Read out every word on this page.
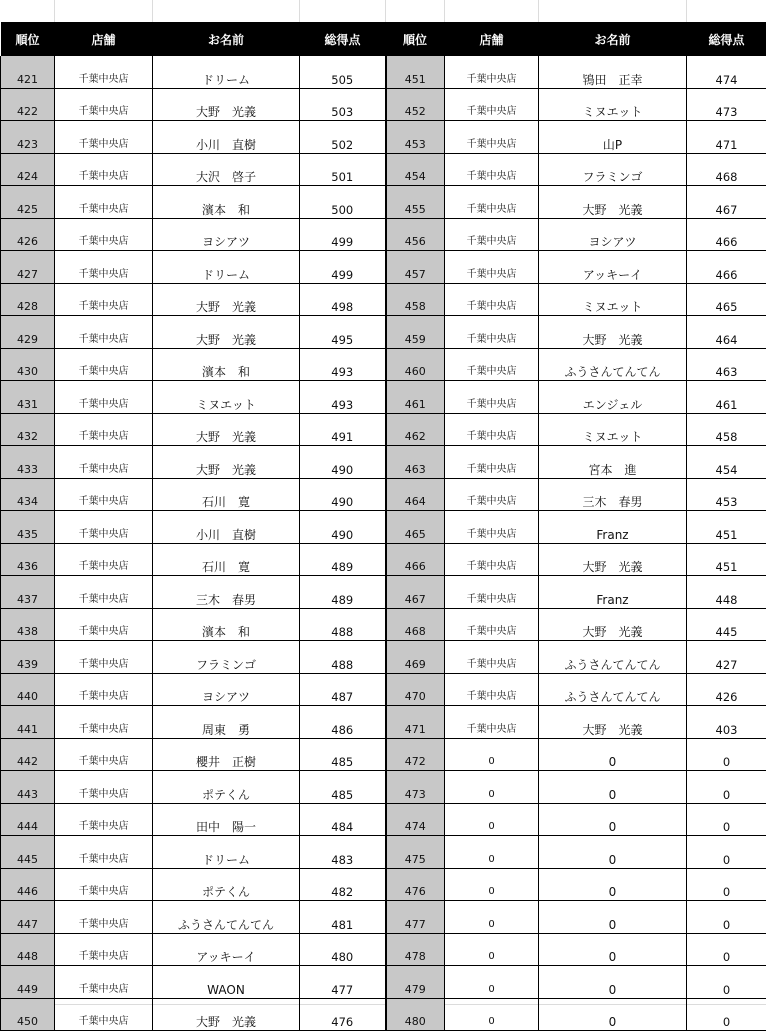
順位	店舗	お名前	総得点	順位	店舗	お名前	総得点
421	千葉中央店	ドリーム	505	451	千葉中央店	鴇田　正幸	474
422	千葉中央店	大野　光義	503	452	千葉中央店	ミヌエット	473
423	千葉中央店	小川　直樹	502	453	千葉中央店	山P	471
424	千葉中央店	大沢　啓子	501	454	千葉中央店	フラミンゴ	468
425	千葉中央店	濱本　和	500	455	千葉中央店	大野　光義	467
426	千葉中央店	ヨシアツ	499	456	千葉中央店	ヨシアツ	466
427	千葉中央店	ドリーム	499	457	千葉中央店	アッキーイ	466
428	千葉中央店	大野　光義	498	458	千葉中央店	ミヌエット	465
429	千葉中央店	大野　光義	495	459	千葉中央店	大野　光義	464
430	千葉中央店	濱本　和	493	460	千葉中央店	ふうさんてんてん	463
431	千葉中央店	ミヌエット	493	461	千葉中央店	エンジェル	461
432	千葉中央店	大野　光義	491	462	千葉中央店	ミヌエット	458
433	千葉中央店	大野　光義	490	463	千葉中央店	宮本　進	454
434	千葉中央店	石川　寛	490	464	千葉中央店	三木　春男	453
435	千葉中央店	小川　直樹	490	465	千葉中央店	Franz	451
436	千葉中央店	石川　寛	489	466	千葉中央店	大野　光義	451
437	千葉中央店	三木　春男	489	467	千葉中央店	Franz	448
438	千葉中央店	濱本　和	488	468	千葉中央店	大野　光義	445
439	千葉中央店	フラミンゴ	488	469	千葉中央店	ふうさんてんてん	427
440	千葉中央店	ヨシアツ	487	470	千葉中央店	ふうさんてんてん	426
441	千葉中央店	周東　勇	486	471	千葉中央店	大野　光義	403
442	千葉中央店	櫻井　正樹	485	472	0	0	0
443	千葉中央店	ポテくん	485	473	0	0	0
444	千葉中央店	田中　陽一	484	474	0	0	0
445	千葉中央店	ドリーム	483	475	0	0	0
446	千葉中央店	ポテくん	482	476	0	0	0
447	千葉中央店	ふうさんてんてん	481	477	0	0	0
448	千葉中央店	アッキーイ	480	478	0	0	0
449	千葉中央店	WAON	477	479	0	0	0
450	千葉中央店	大野　光義	476	480	0	0	0
